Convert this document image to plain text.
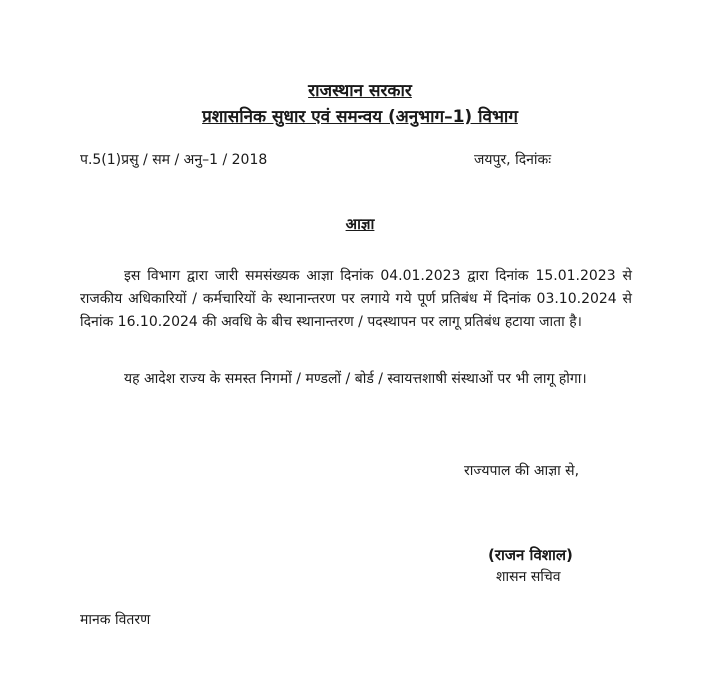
राजस्थान सरकार
प्रशासनिक सुधार एवं समन्वय (अनुभाग–1) विभाग
प.5(1)प्रसु / सम / अनु–1 / 2018	जयपुर, दिनांकः
आज्ञा
इस विभाग द्वारा जारी समसंख्यक आज्ञा दिनांक 04.01.2023 द्वारा दिनांक 15.01.2023 से राजकीय अधिकारियों / कर्मचारियों के स्थानान्तरण पर लगाये गये पूर्ण प्रतिबंध में दिनांक 03.10.2024 से दिनांक 16.10.2024 की अवधि के बीच स्थानान्तरण / पदस्थापन पर लागू प्रतिबंध हटाया जाता है।
यह आदेश राज्य के समस्त निगमों / मण्डलों / बोर्ड / स्वायत्तशाषी संस्थाओं पर भी लागू होगा।
राज्यपाल की आज्ञा से,
(राजन विशाल)
शासन सचिव
मानक वितरण
